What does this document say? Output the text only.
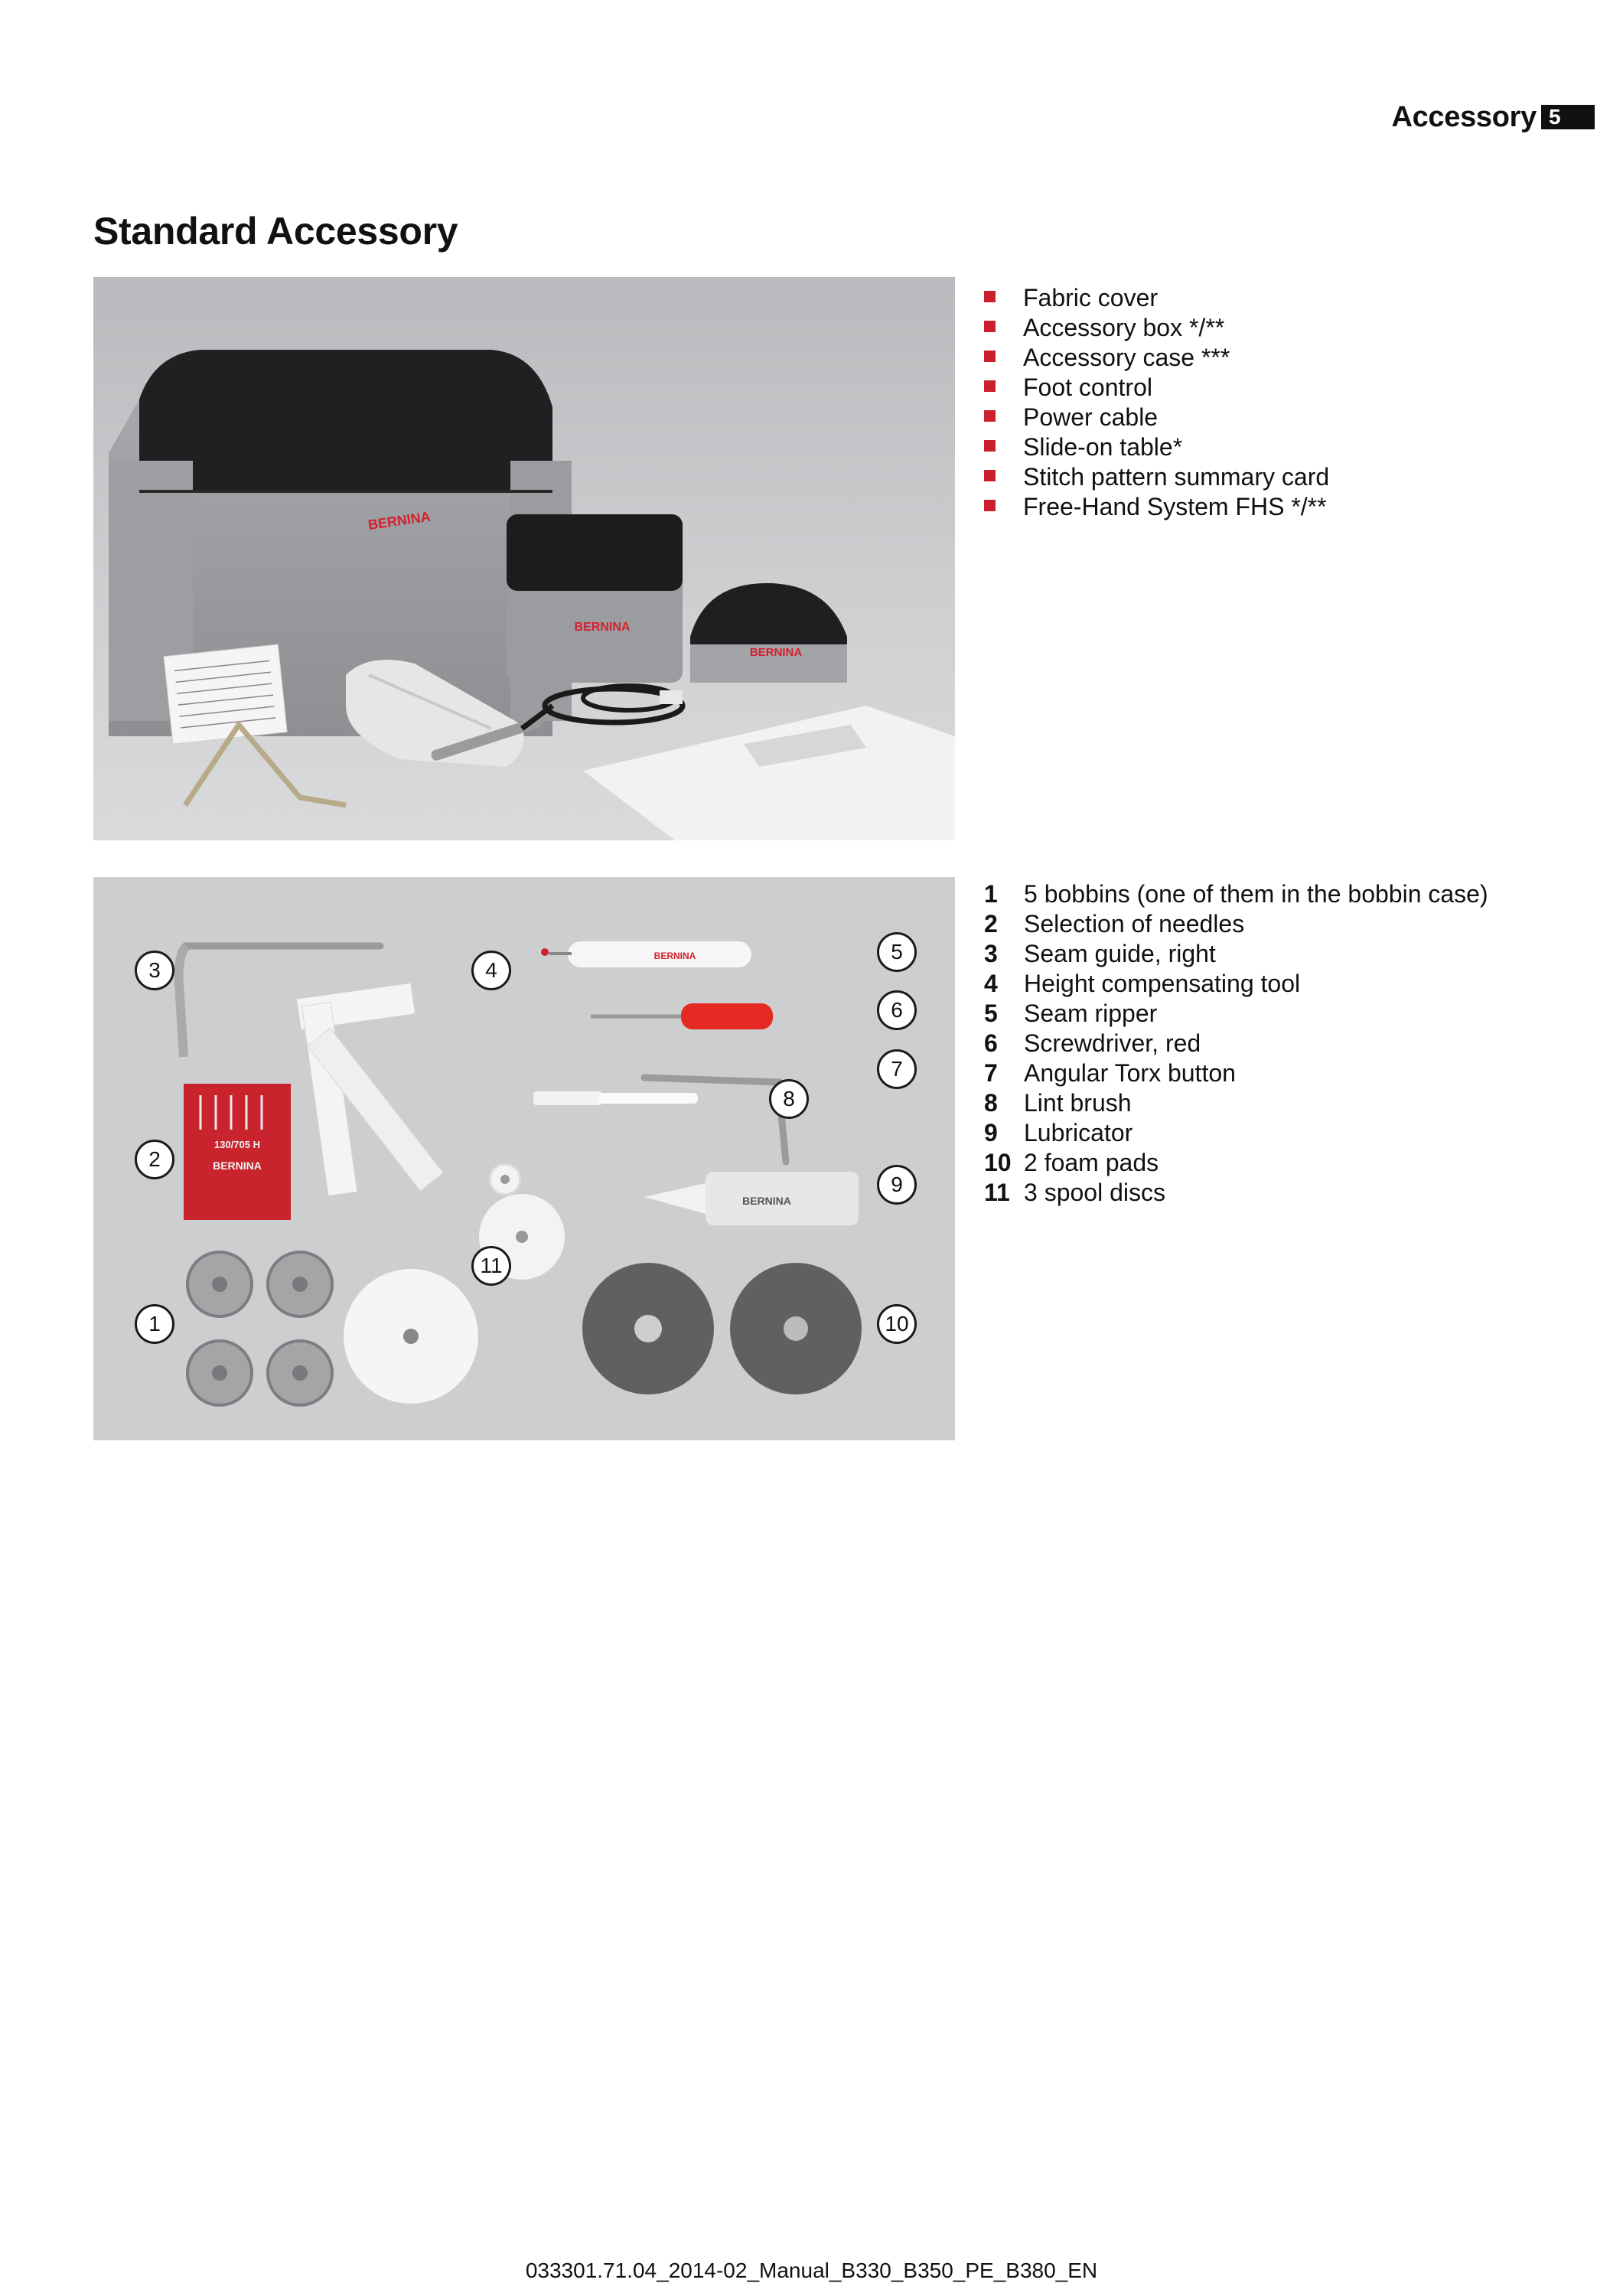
Accessory 5
Standard Accessory
BERNINA
BERNINA
BERNINA
Fabric cover
Accessory box */**
Accessory case ***
Foot control
Power cable
Slide-on table*
Stitch pattern summary card
Free-Hand System FHS */**
BERNINA
130/705 H
BERNINA
BERNINA
3	4
5
6
7
8
2
9
11
1	10
1 5 bobbins (one of them in the bobbin case)
2 Selection of needles
3 Seam guide, right
4 Height compensating tool
5 Seam ripper
6 Screwdriver, red
7 Angular Torx button
8 Lint brush
9 Lubricator
10 2 foam pads
11 3 spool discs
033301.71.04_2014-02_Manual_B330_B350_PE_B380_EN
